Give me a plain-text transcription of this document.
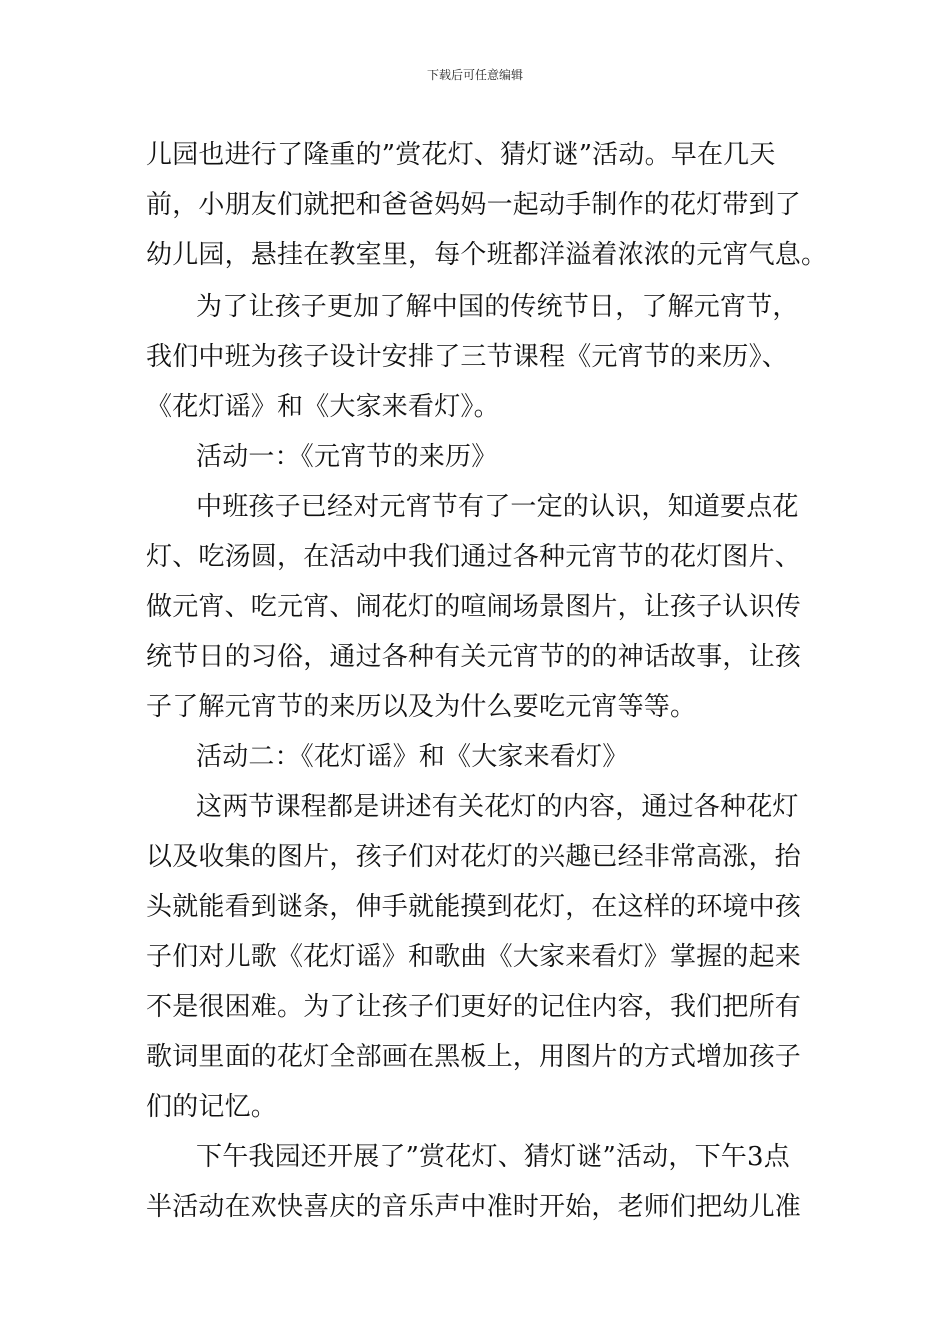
下载后可任意编辑
儿园也进行了隆重的”赏花灯、猜灯谜”活动。早在几天
前，小朋友们就把和爸爸妈妈一起动手制作的花灯带到了
幼儿园，悬挂在教室里，每个班都洋溢着浓浓的元宵气息。
为了让孩子更加了解中国的传统节日，了解元宵节，
我们中班为孩子设计安排了三节课程《元宵节的来历》、
《花灯谣》和《大家来看灯》。
活动一：《元宵节的来历》
中班孩子已经对元宵节有了一定的认识，知道要点花
灯、吃汤圆，在活动中我们通过各种元宵节的花灯图片、
做元宵、吃元宵、闹花灯的喧闹场景图片，让孩子认识传
统节日的习俗，通过各种有关元宵节的的神话故事，让孩
子了解元宵节的来历以及为什么要吃元宵等等。
活动二：《花灯谣》和《大家来看灯》
这两节课程都是讲述有关花灯的内容，通过各种花灯
以及收集的图片，孩子们对花灯的兴趣已经非常高涨，抬
头就能看到谜条，伸手就能摸到花灯，在这样的环境中孩
子们对儿歌《花灯谣》和歌曲《大家来看灯》掌握的起来
不是很困难。为了让孩子们更好的记住内容，我们把所有
歌词里面的花灯全部画在黑板上，用图片的方式增加孩子
们的记忆。
下午我园还开展了”赏花灯、猜灯谜”活动，下午3点
半活动在欢快喜庆的音乐声中准时开始，老师们把幼儿准
